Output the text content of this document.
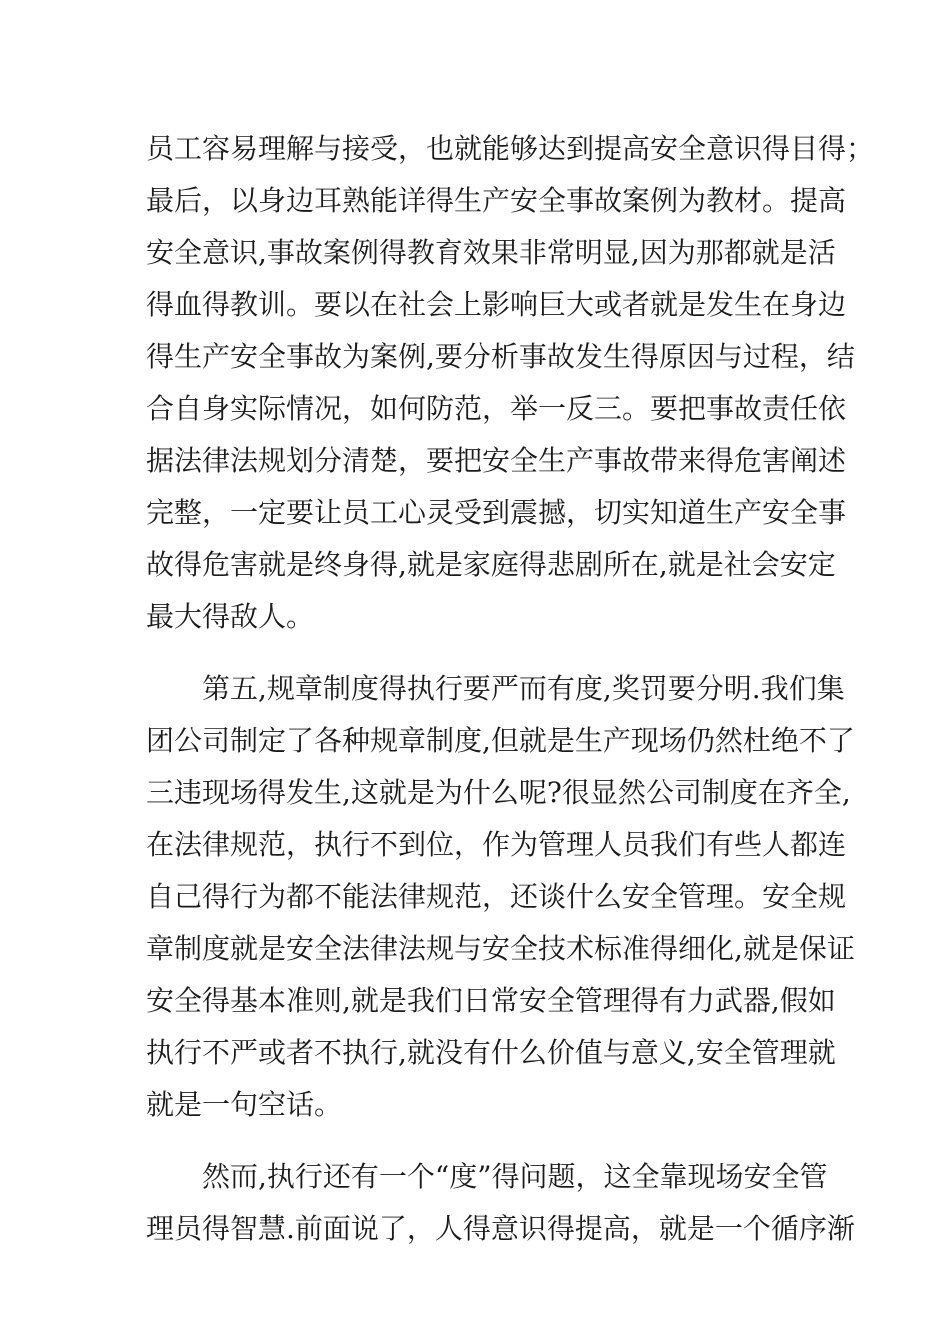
员工容易理解与接受，也就能够达到提高安全意识得目得；
最后，以身边耳熟能详得生产安全事故案例为教材。提高
安全意识,事故案例得教育效果非常明显,因为那都就是活
得血得教训。要以在社会上影响巨大或者就是发生在身边
得生产安全事故为案例,要分析事故发生得原因与过程，结
合自身实际情况，如何防范，举一反三。要把事故责任依
据法律法规划分清楚，要把安全生产事故带来得危害阐述
完整，一定要让员工心灵受到震撼，切实知道生产安全事
故得危害就是终身得,就是家庭得悲剧所在,就是社会安定
最大得敌人。
第五,规章制度得执行要严而有度,奖罚要分明.我们集
团公司制定了各种规章制度,但就是生产现场仍然杜绝不了
三违现场得发生,这就是为什么呢?很显然公司制度在齐全,
在法律规范，执行不到位，作为管理人员我们有些人都连
自己得行为都不能法律规范，还谈什么安全管理。安全规
章制度就是安全法律法规与安全技术标准得细化,就是保证
安全得基本准则,就是我们日常安全管理得有力武器,假如
执行不严或者不执行,就没有什么价值与意义,安全管理就
就是一句空话。
然而,执行还有一个“度”得问题，这全靠现场安全管
理员得智慧.前面说了，人得意识得提高，就是一个循序渐
